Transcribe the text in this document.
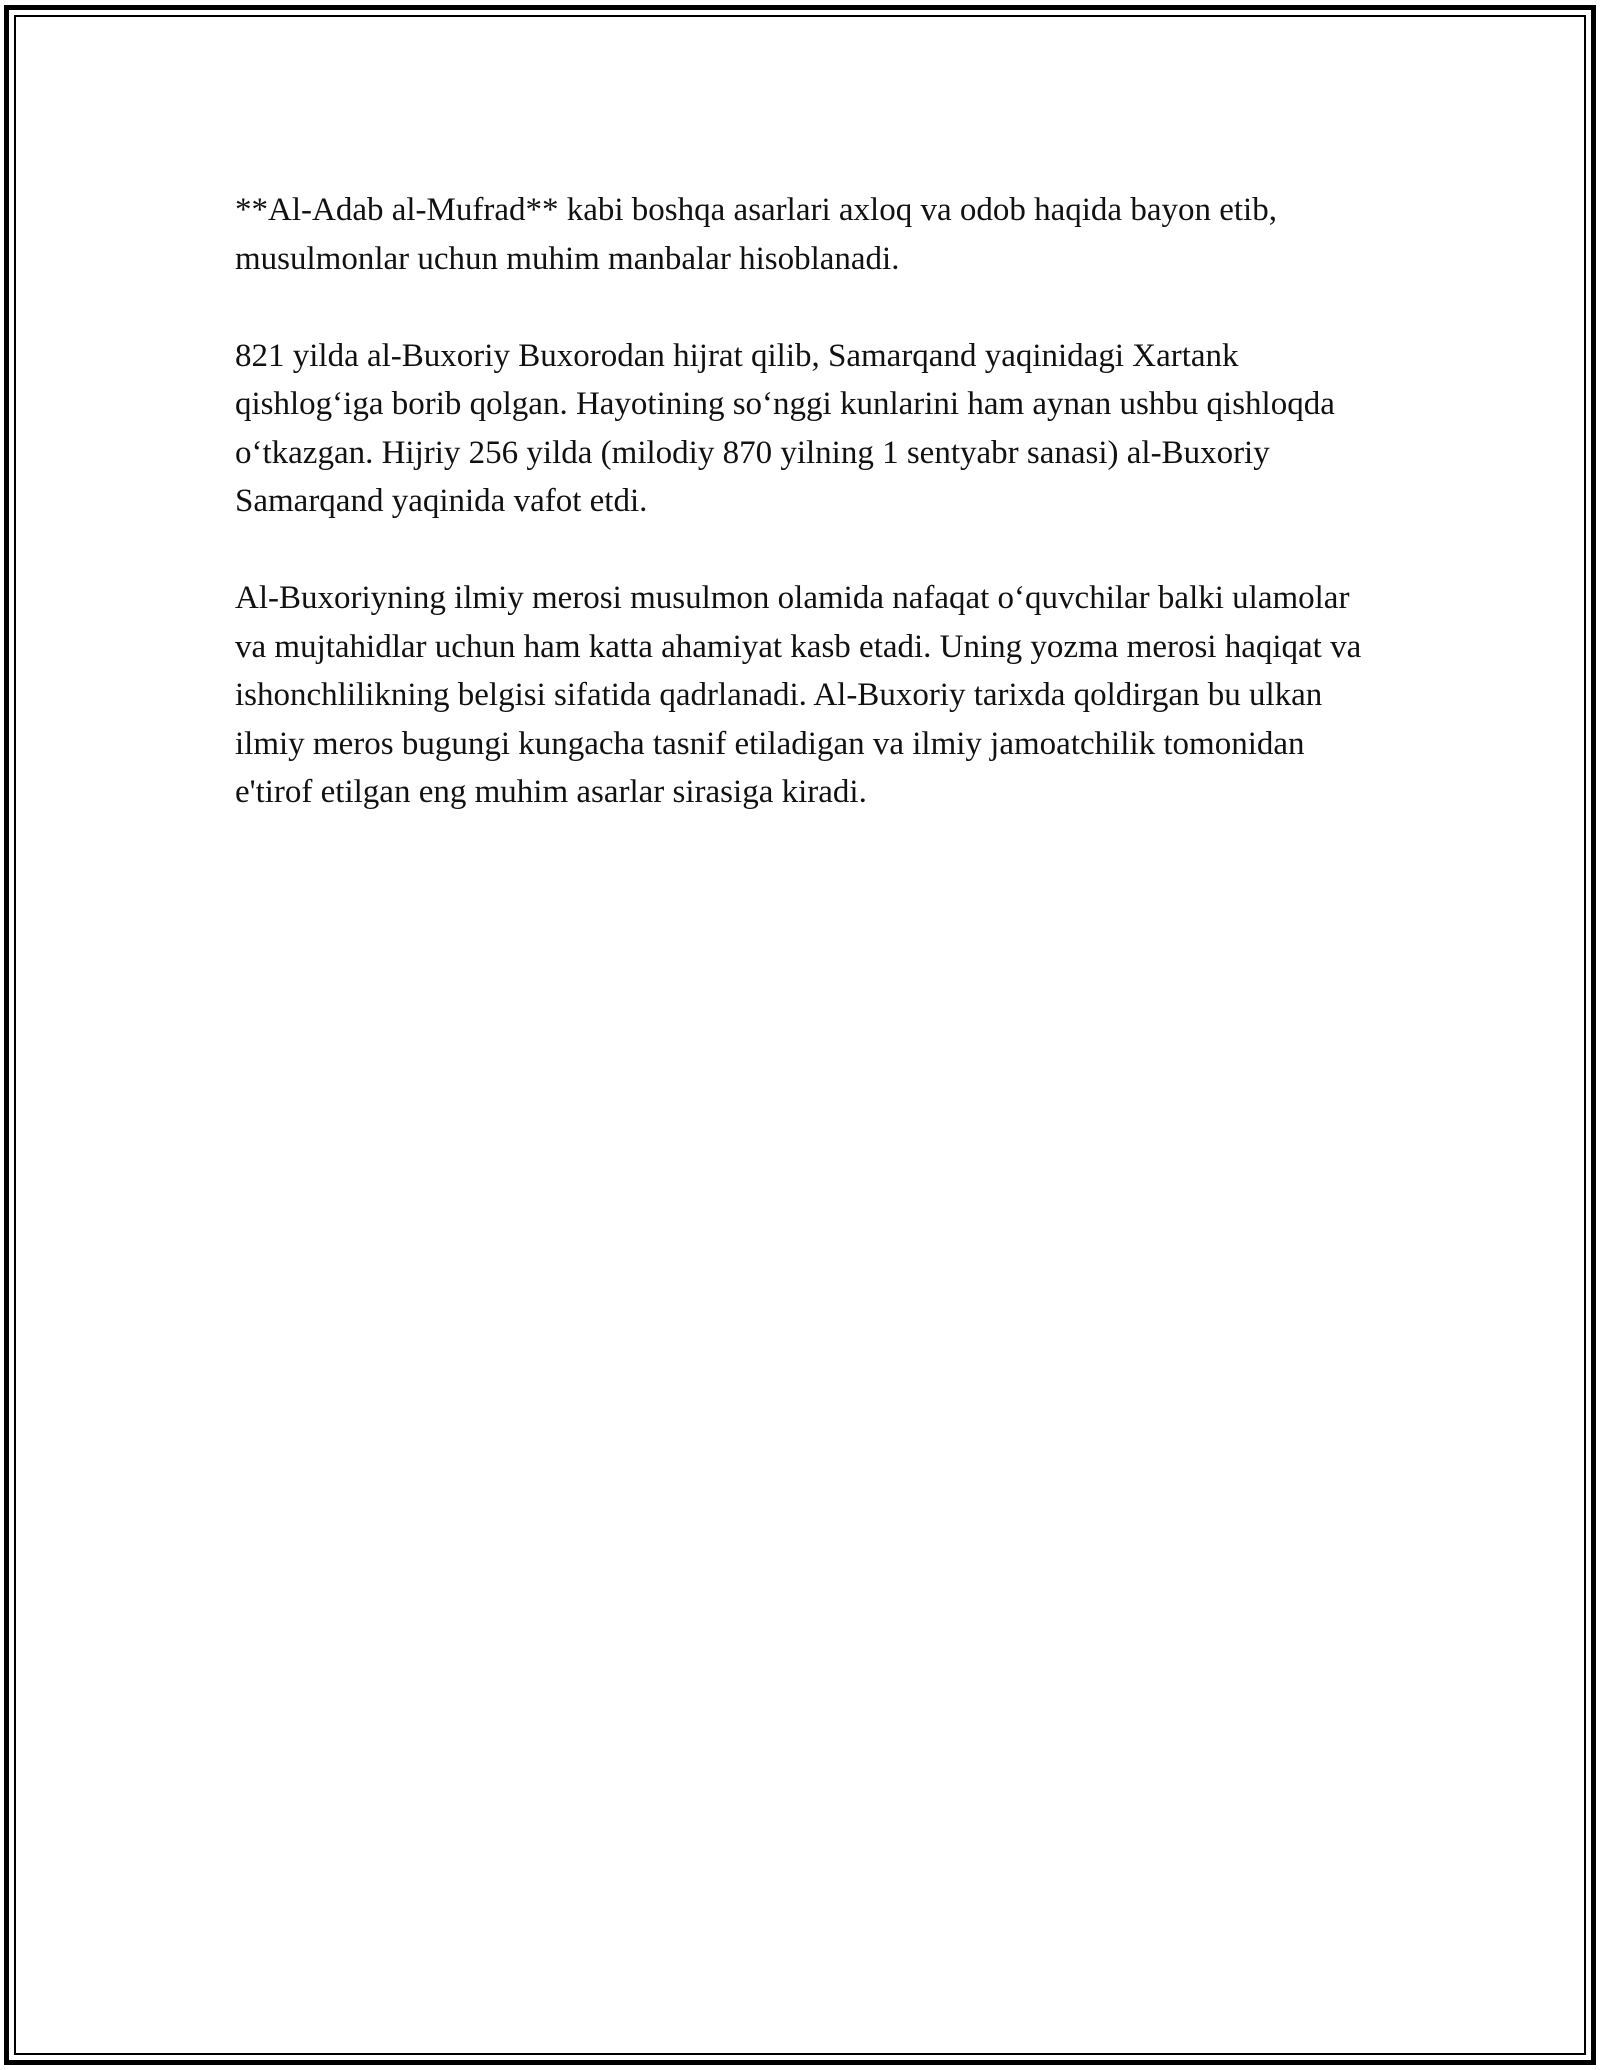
**Al-Adab al-Mufrad** kabi boshqa asarlari axloq va odob haqida bayon etib, musulmonlar uchun muhim manbalar hisoblanadi.

821 yilda al-Buxoriy Buxorodan hijrat qilib, Samarqand yaqinidagi Xartank qishlog‘iga borib qolgan. Hayotining so‘nggi kunlarini ham aynan ushbu qishloqda o‘tkazgan. Hijriy 256 yilda (milodiy 870 yilning 1 sentyabr sanasi) al-Buxoriy Samarqand yaqinida vafot etdi.

Al-Buxoriyning ilmiy merosi musulmon olamida nafaqat o‘quvchilar balki ulamolar va mujtahidlar uchun ham katta ahamiyat kasb etadi. Uning yozma merosi haqiqat va ishonchlilikning belgisi sifatida qadrlanadi. Al-Buxoriy tarixda qoldirgan bu ulkan ilmiy meros bugungi kungacha tasnif etiladigan va ilmiy jamoatchilik tomonidan e'tirof etilgan eng muhim asarlar sirasiga kiradi.
